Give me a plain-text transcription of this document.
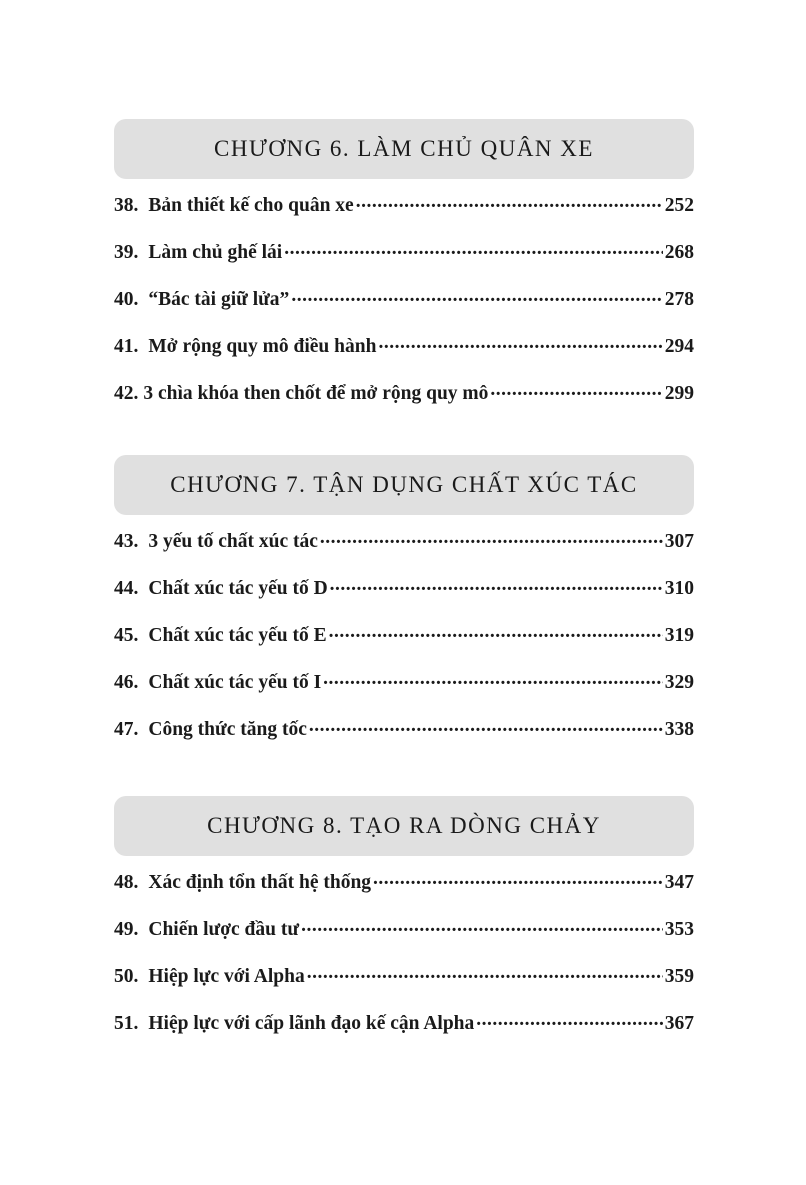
CHƯƠNG 6. LÀM CHỦ QUÂN XE
38. Bản thiết kế cho quân xe .....	252
39. Làm chủ ghế lái .....	268
40. “Bác tài giữ lửa” .....	278
41. Mở rộng quy mô điều hành .....	294
42. 3 chìa khóa then chốt để mở rộng quy mô .....	299
CHƯƠNG 7. TẬN DỤNG CHẤT XÚC TÁC
43. 3 yếu tố chất xúc tác .....	307
44. Chất xúc tác yếu tố D .....	310
45. Chất xúc tác yếu tố E .....	319
46. Chất xúc tác yếu tố I .....	329
47. Công thức tăng tốc .....	338
CHƯƠNG 8. TẠO RA DÒNG CHẢY
48. Xác định tổn thất hệ thống .....	347
49. Chiến lược đầu tư .....	353
50. Hiệp lực với Alpha .....	359
51. Hiệp lực với cấp lãnh đạo kế cận Alpha .....	367
